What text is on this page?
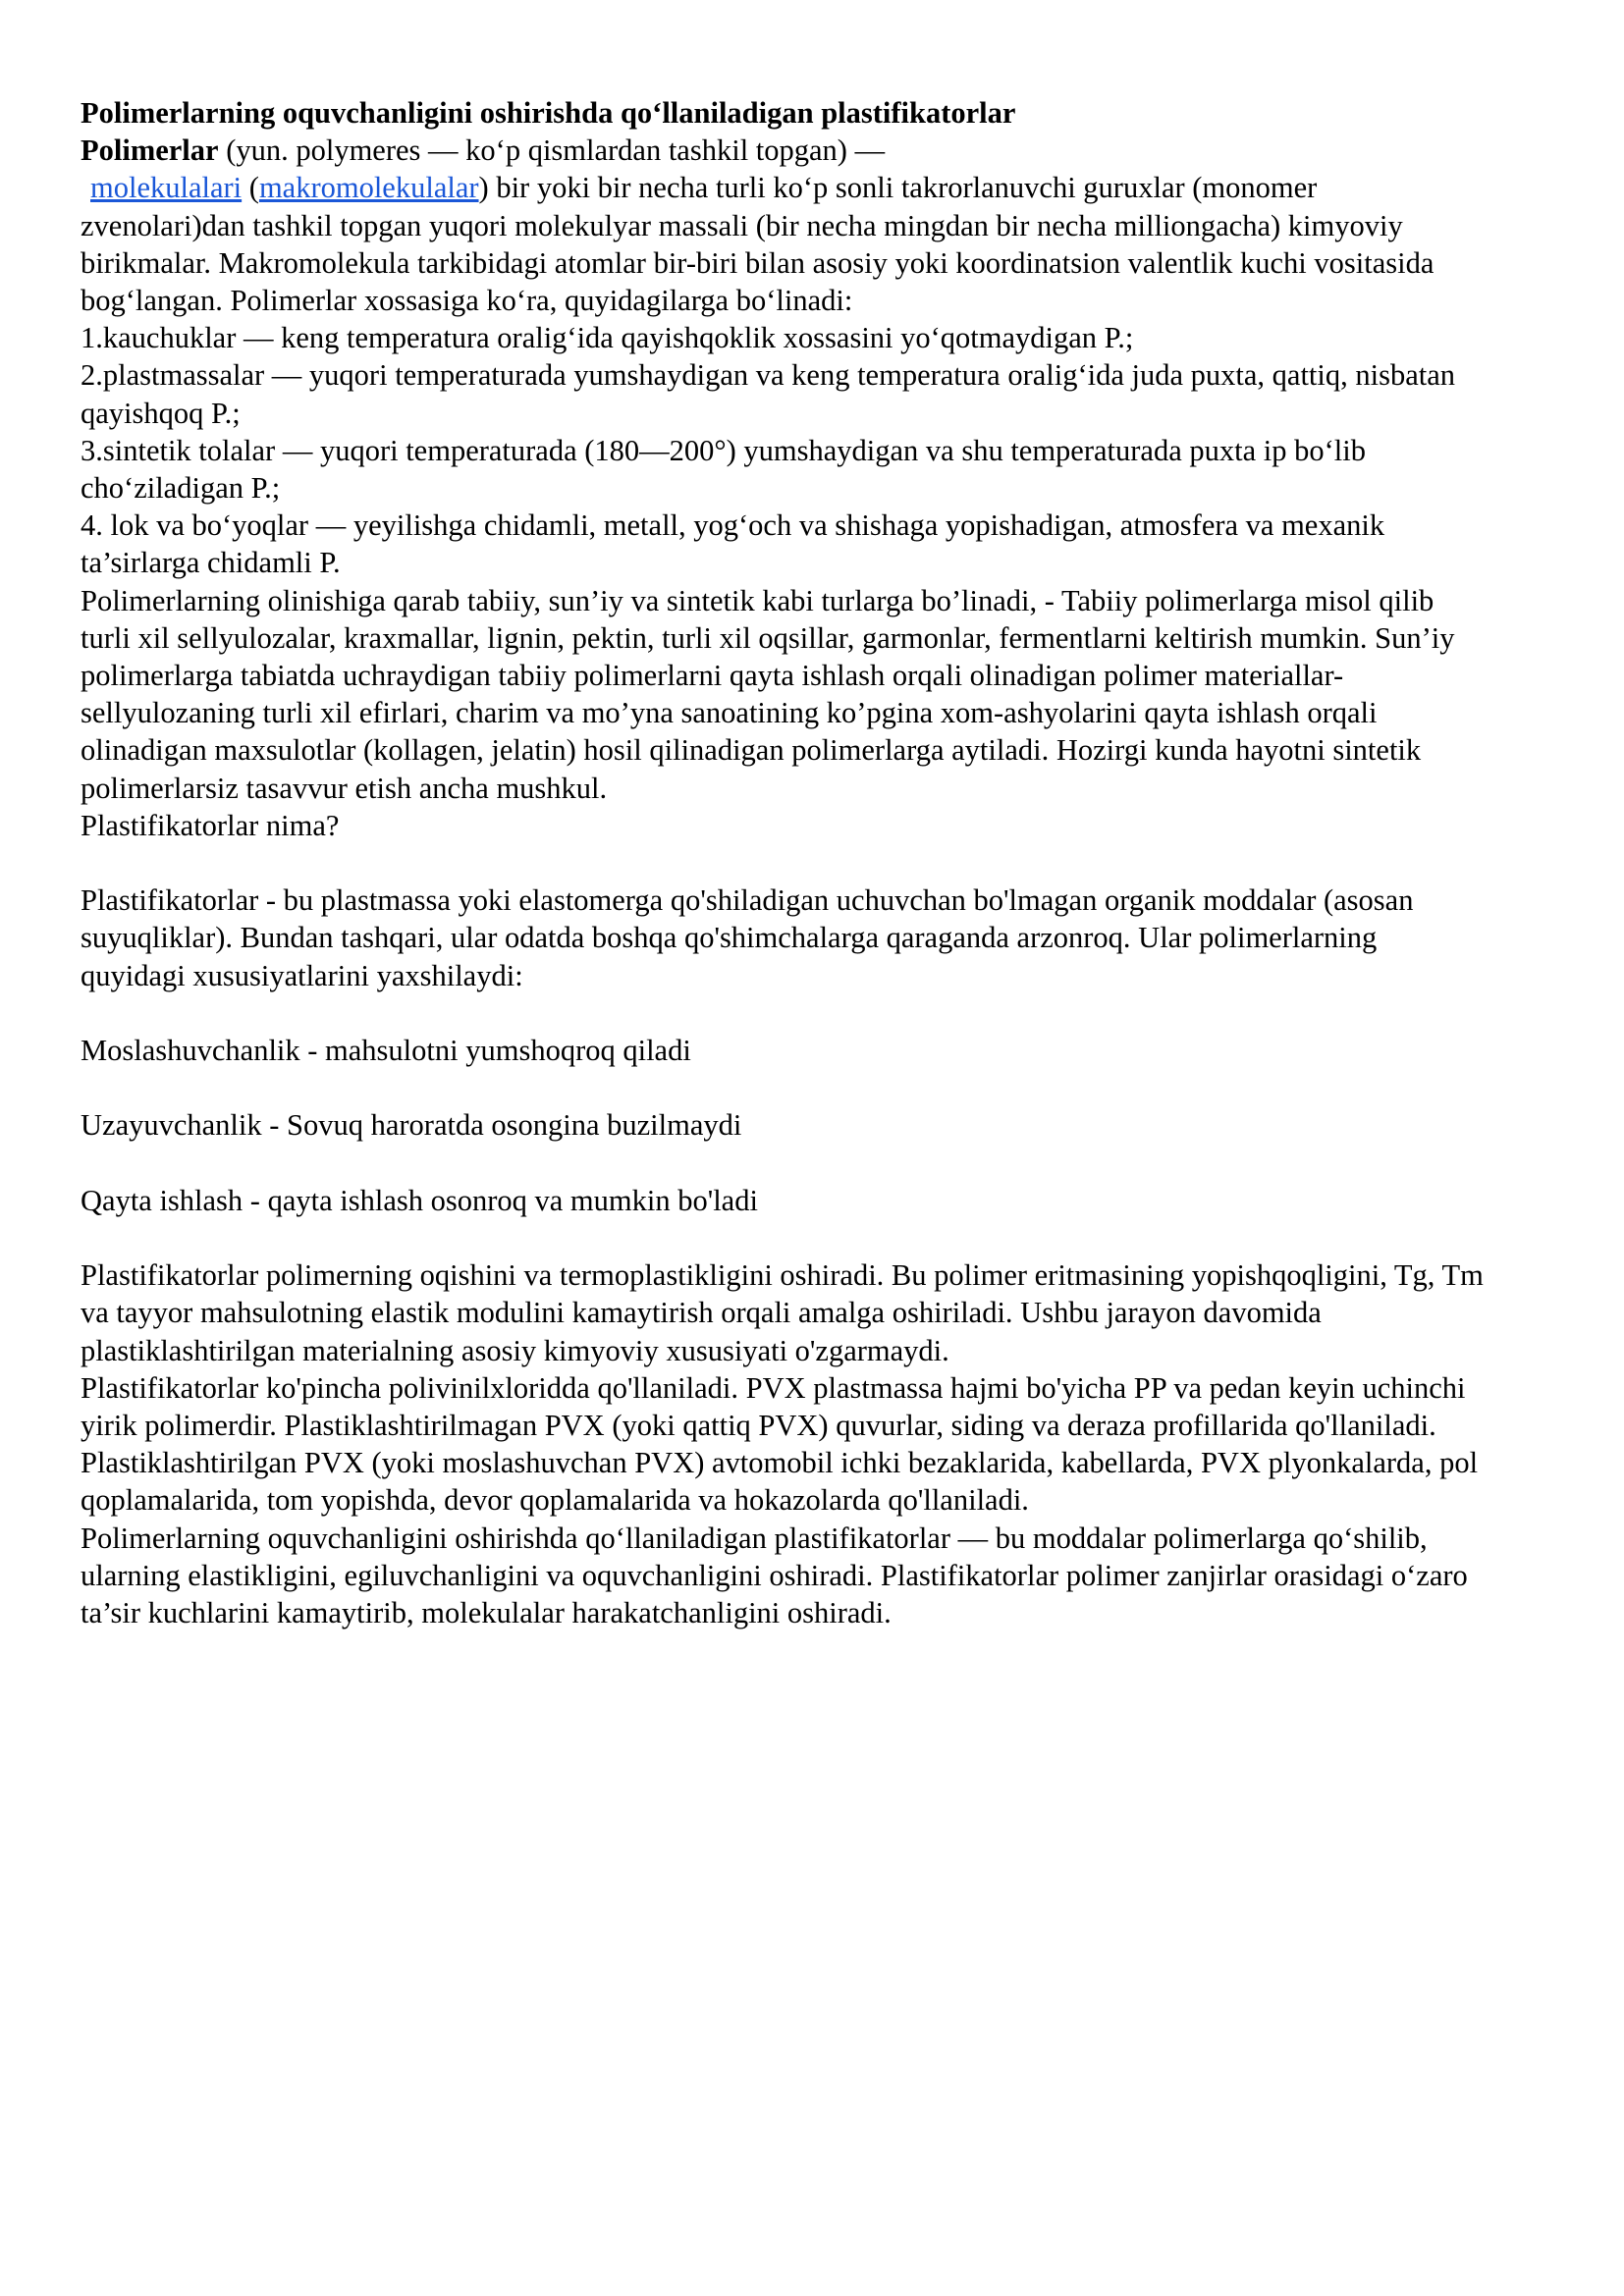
Polimerlarning oquvchanligini oshirishda qo‘llaniladigan plastifikatorlar

Polimerlar (yun. polymeres — ko‘p qismlardan tashkil topgan) —
molekulalari (makromolekulalar) bir yoki bir necha turli ko‘p sonli takrorlanuvchi guruxlar (monomer zvenolari)dan tashkil topgan yuqori molekulyar massali (bir necha mingdan bir necha milliongacha) kimyoviy birikmalar. Makromolekula tarkibidagi atomlar bir-biri bilan asosiy yoki koordinatsion valentlik kuchi vositasida bog‘langan. Polimerlar xossasiga ko‘ra, quyidagilarga bo‘linadi:

1.kauchuklar — keng temperatura oralig‘ida qayishqoklik xossasini yo‘qotmaydigan P.;

2.plastmassalar — yuqori temperaturada yumshaydigan va keng temperatura oralig‘ida juda puxta, qattiq, nisbatan qayishqoq P.;

3.sintetik tolalar — yuqori temperaturada (180—200°) yumshaydigan va shu temperaturada puxta ip bo‘lib cho‘ziladigan P.;

4. lok va bo‘yoqlar — yeyilishga chidamli, metall, yog‘och va shishaga yopishadigan, atmosfera va mexanik ta’sirlarga chidamli P.

Polimerlarning olinishiga qarab tabiiy, sun’iy va sintetik kabi turlarga bo’linadi, - Tabiiy polimerlarga misol qilib turli xil sellyulozalar, kraxmallar, lignin, pektin, turli xil oqsillar, garmonlar, fermentlarni keltirish mumkin. Sun’iy polimerlarga tabiatda uchraydigan tabiiy polimerlarni qayta ishlash orqali olinadigan polimer materiallar-sellyulozaning turli xil efirlari, charim va mo’yna sanoatining ko’pgina xom-ashyolarini qayta ishlash orqali olinadigan maxsulotlar (kollagen, jelatin) hosil qilinadigan polimerlarga aytiladi. Hozirgi kunda hayotni sintetik polimerlarsiz tasavvur etish ancha mushkul.

Plastifikatorlar nima?

Plastifikatorlar - bu plastmassa yoki elastomerga qo'shiladigan uchuvchan bo'lmagan organik moddalar (asosan suyuqliklar). Bundan tashqari, ular odatda boshqa qo'shimchalarga qaraganda arzonroq. Ular polimerlarning quyidagi xususiyatlarini yaxshilaydi:

Moslashuvchanlik - mahsulotni yumshoqroq qiladi

Uzayuvchanlik - Sovuq haroratda osongina buzilmaydi

Qayta ishlash - qayta ishlash osonroq va mumkin bo'ladi

Plastifikatorlar polimerning oqishini va termoplastikligini oshiradi. Bu polimer eritmasining yopishqoqligini, Tg, Tm va tayyor mahsulotning elastik modulini kamaytirish orqali amalga oshiriladi. Ushbu jarayon davomida plastiklashtirilgan materialning asosiy kimyoviy xususiyati o'zgarmaydi.

Plastifikatorlar ko'pincha polivinilxloridda qo'llaniladi. PVX plastmassa hajmi bo'yicha PP va pedan keyin uchinchi yirik polimerdir. Plastiklashtirilmagan PVX (yoki qattiq PVX) quvurlar, siding va deraza profillarida qo'llaniladi. Plastiklashtirilgan PVX (yoki moslashuvchan PVX) avtomobil ichki bezaklarida, kabellarda, PVX plyonkalarda, pol qoplamalarida, tom yopishda, devor qoplamalarida va hokazolarda qo'llaniladi.

Polimerlarning oquvchanligini oshirishda qo‘llaniladigan plastifikatorlar — bu moddalar polimerlarga qo‘shilib, ularning elastikligini, egiluvchanligini va oquvchanligini oshiradi. Plastifikatorlar polimer zanjirlar orasidagi o‘zaro ta’sir kuchlarini kamaytirib, molekulalar harakatchanligini oshiradi.
